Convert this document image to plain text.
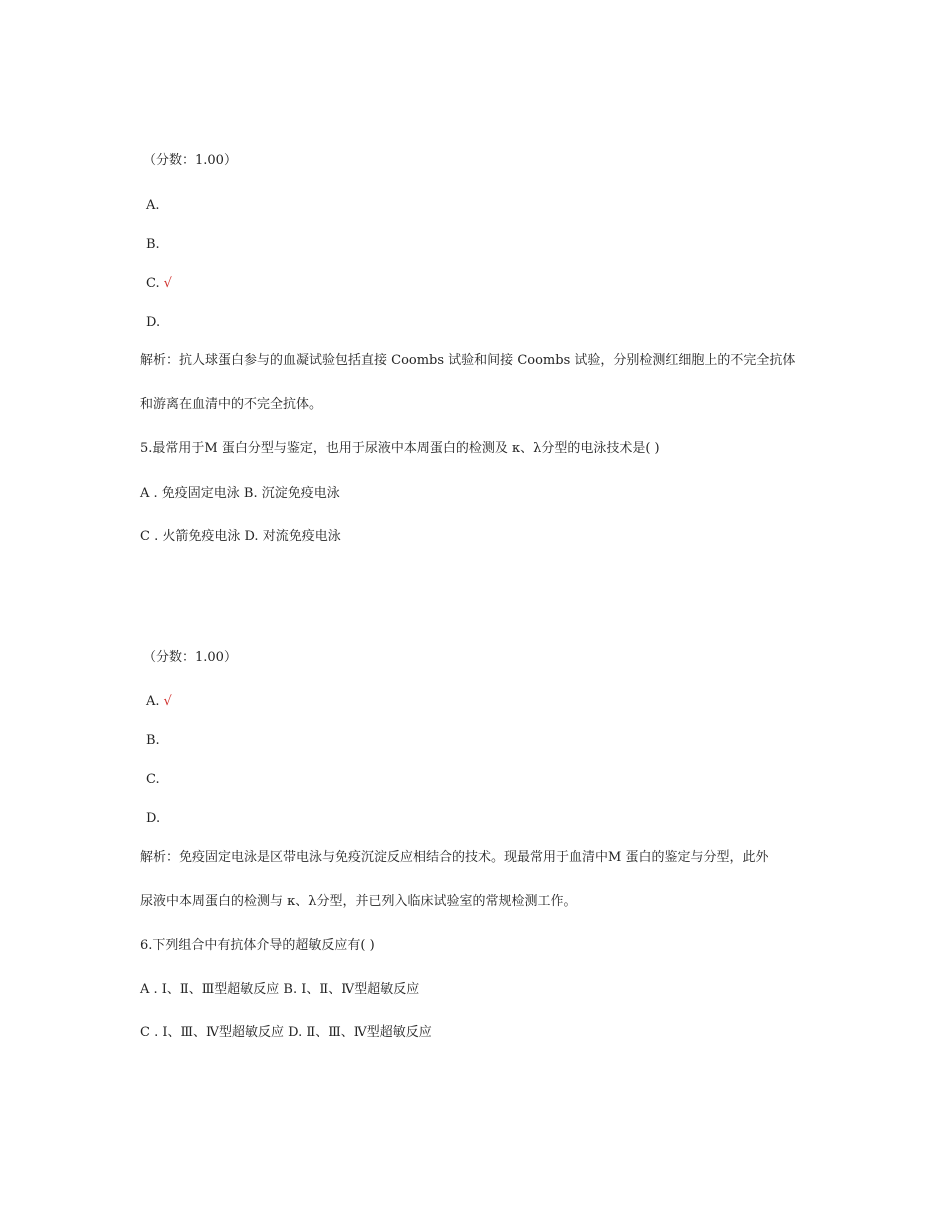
（分数：1.00）
A.
B.
C. √
D.
解析：抗人球蛋白参与的血凝试验包括直接 Coombs 试验和间接 Coombs 试验，分别检测红细胞上的不完全抗体
和游离在血清中的不完全抗体。
5.最常用于M 蛋白分型与鉴定，也用于尿液中本周蛋白的检测及 κ、λ分型的电泳技术是( )
A . 免疫固定电泳 B. 沉淀免疫电泳
C . 火箭免疫电泳 D. 对流免疫电泳
（分数：1.00）
A. √
B.
C.
D.
解析：免疫固定电泳是区带电泳与免疫沉淀反应相结合的技术。现最常用于血清中M 蛋白的鉴定与分型，此外
尿液中本周蛋白的检测与 κ、λ分型，并已列入临床试验室的常规检测工作。
6.下列组合中有抗体介导的超敏反应有( )
A . Ⅰ、Ⅱ、Ⅲ型超敏反应 B. Ⅰ、Ⅱ、Ⅳ型超敏反应
C . Ⅰ、Ⅲ、Ⅳ型超敏反应 D. Ⅱ、Ⅲ、Ⅳ型超敏反应
